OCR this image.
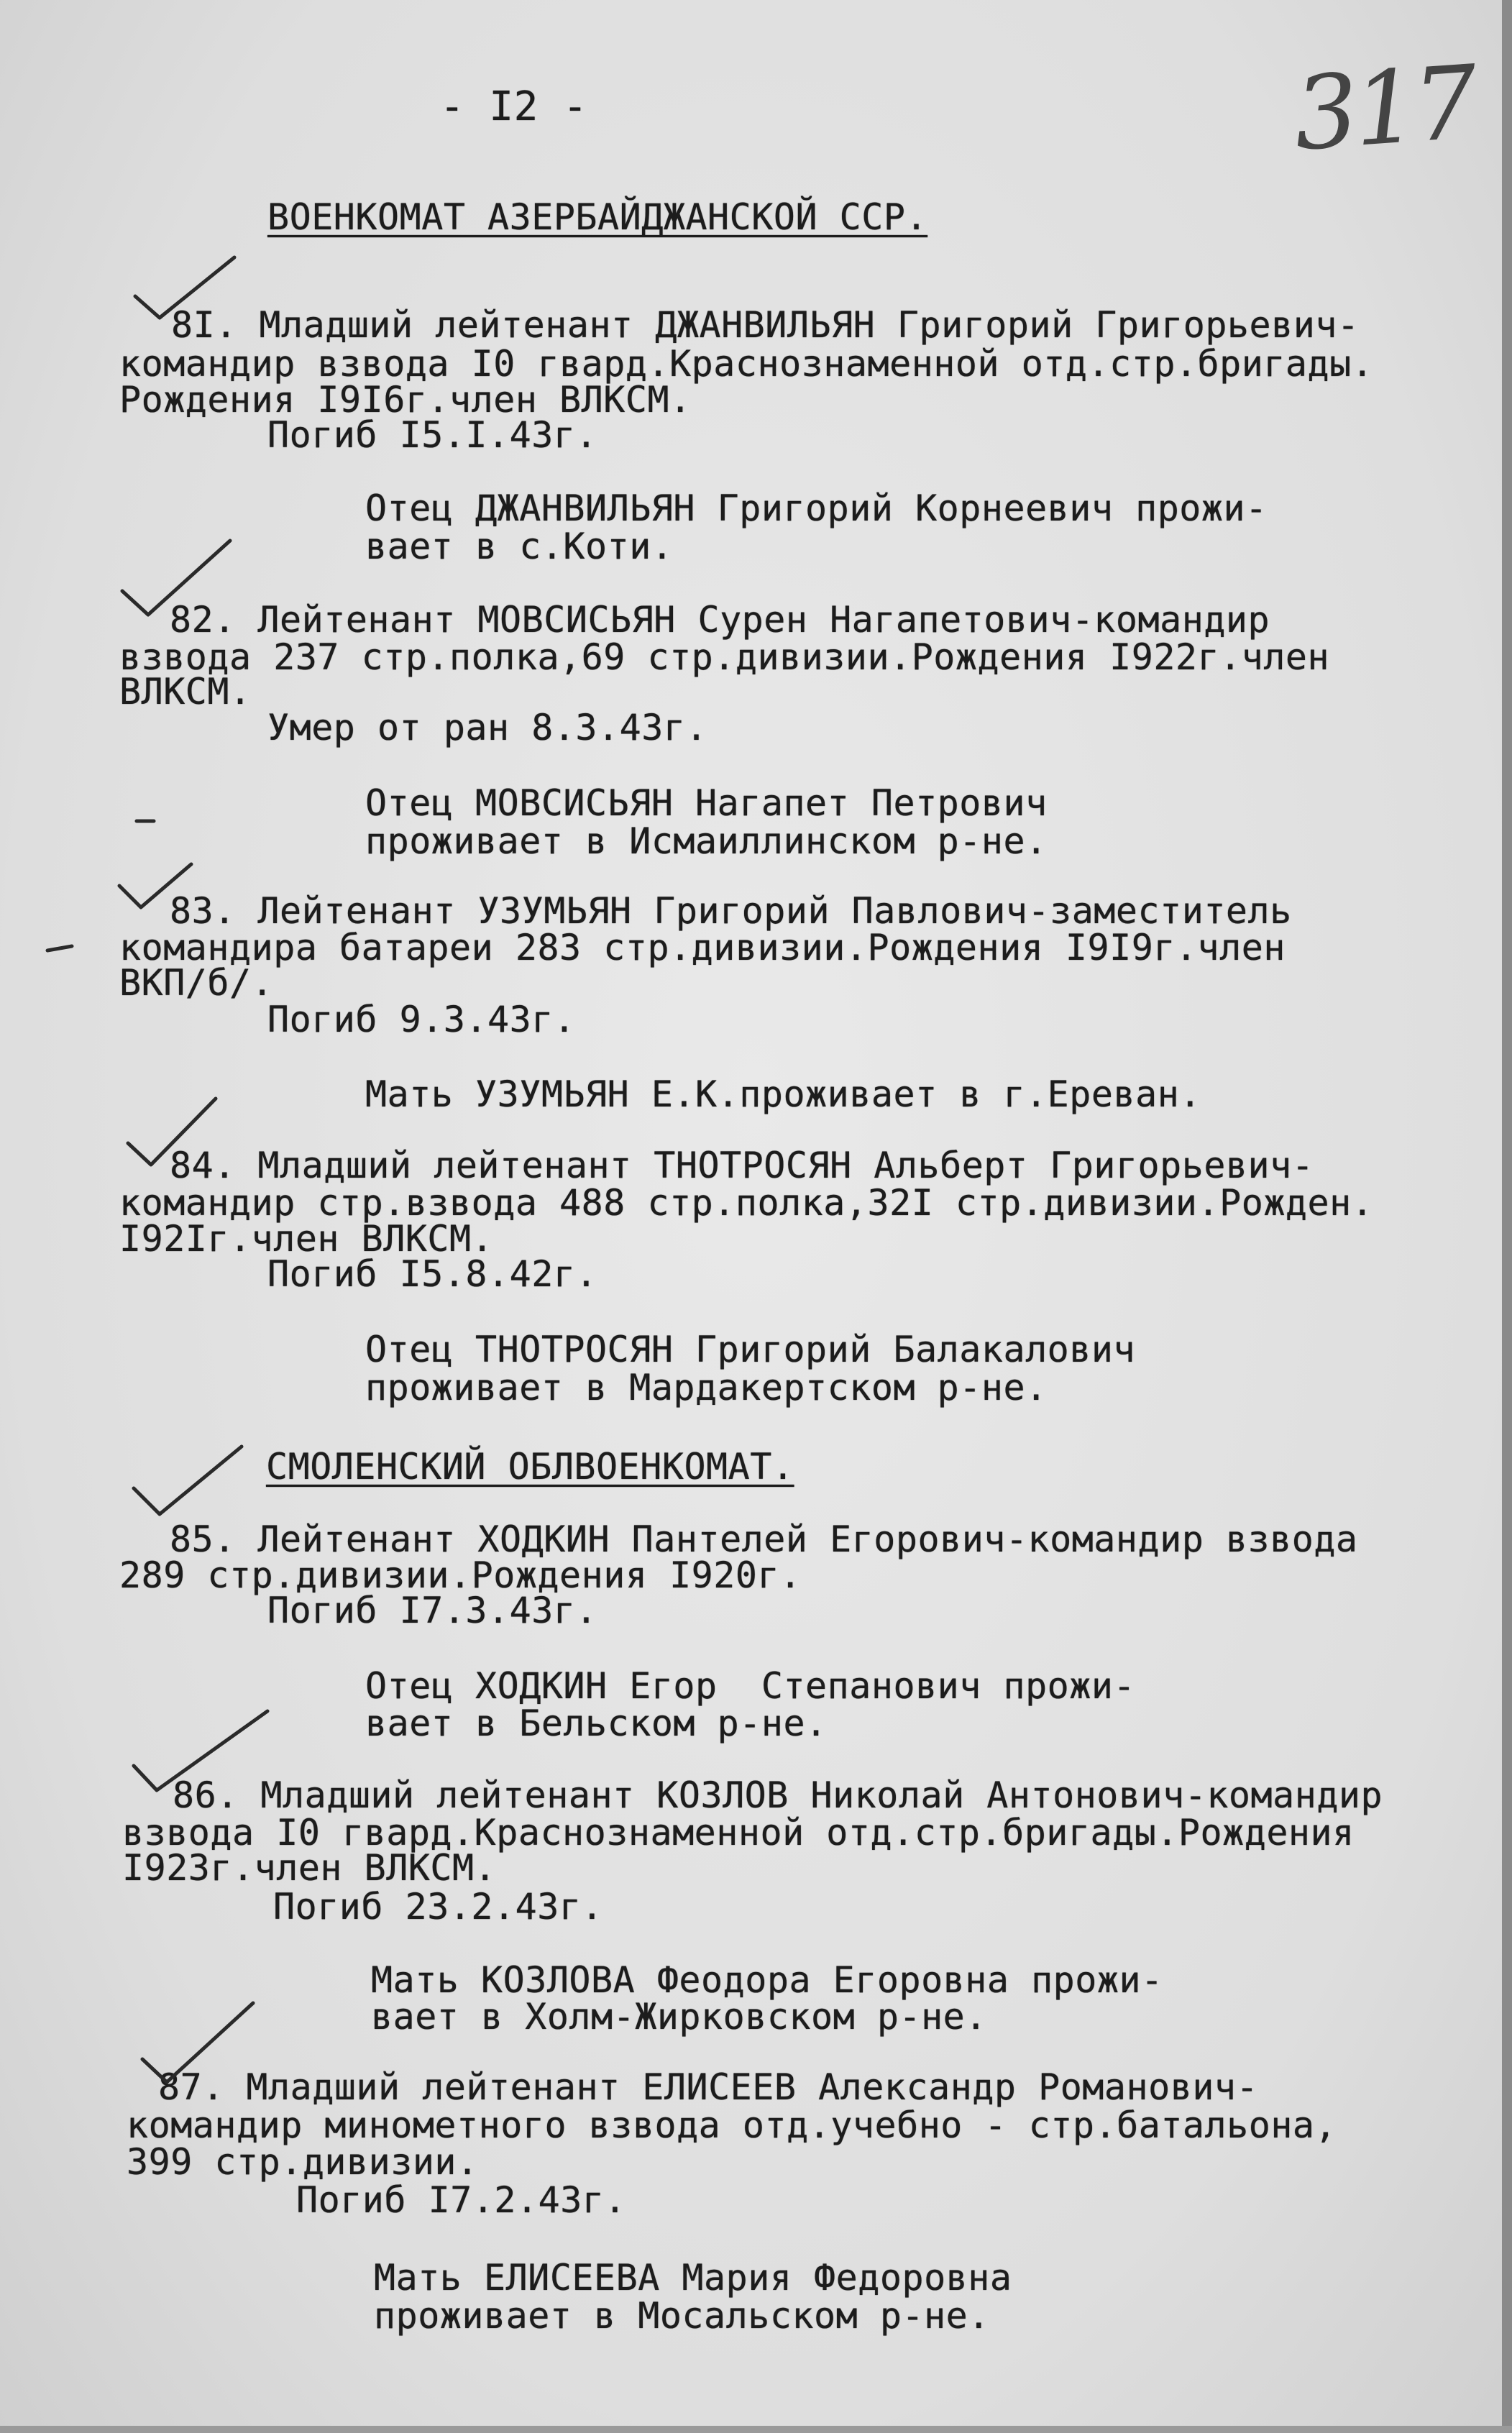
- I2 -	317
ВОЕНКОМАТ АЗЕРБАЙДЖАНСКОЙ ССР.
8I. Младший лейтенант ДЖАНВИЛЬЯН Григорий Григорьевич-
командир взвода I0 гвард.Краснознаменной отд.стр.бригады.
Рождения I9I6г.член ВЛКСМ.
Погиб I5.I.43г.
Отец ДЖАНВИЛЬЯН Григорий Корнеевич прожи-
вает в с.Коти.
82. Лейтенант МОВСИСЬЯН Сурен Нагапетович-командир
взвода 237 стр.полка,69 стр.дивизии.Рождения I922г.член
ВЛКСМ.
Умер от ран 8.3.43г.
Отец МОВСИСЬЯН Нагапет Петрович
проживает в Исмаиллинском р-не.
83. Лейтенант УЗУМЬЯН Григорий Павлович-заместитель
командира батареи 283 стр.дивизии.Рождения I9I9г.член
ВКП/б/.
Погиб 9.3.43г.
Мать УЗУМЬЯН Е.К.проживает в г.Ереван.
84. Младший лейтенант ТНОТРОСЯН Альберт Григорьевич-
командир стр.взвода 488 стр.полка,32I стр.дивизии.Рожден.
I92Iг.член ВЛКСМ.
Погиб I5.8.42г.
Отец ТНОТРОСЯН Григорий Балакалович
проживает в Мардакертском р-не.
СМОЛЕНСКИЙ ОБЛВОЕНКОМАТ.
85. Лейтенант ХОДКИН Пантелей Егорович-командир взвода
289 стр.дивизии.Рождения I920г.
Погиб I7.3.43г.
Отец ХОДКИН Егор  Степанович прожи-
вает в Бельском р-не.
86. Младший лейтенант КОЗЛОВ Николай Антонович-командир
взвода I0 гвард.Краснознаменной отд.стр.бригады.Рождения
I923г.член ВЛКСМ.
Погиб 23.2.43г.
Мать КОЗЛОВА Феодора Егоровна прожи-
вает в Холм-Жирковском р-не.
87. Младший лейтенант ЕЛИСЕЕВ Александр Романович-
командир минометного взвода отд.учебно - стр.батальона,
399 стр.дивизии.
Погиб I7.2.43г.
Мать ЕЛИСЕЕВА Мария Федоровна
проживает в Мосальском р-не.
